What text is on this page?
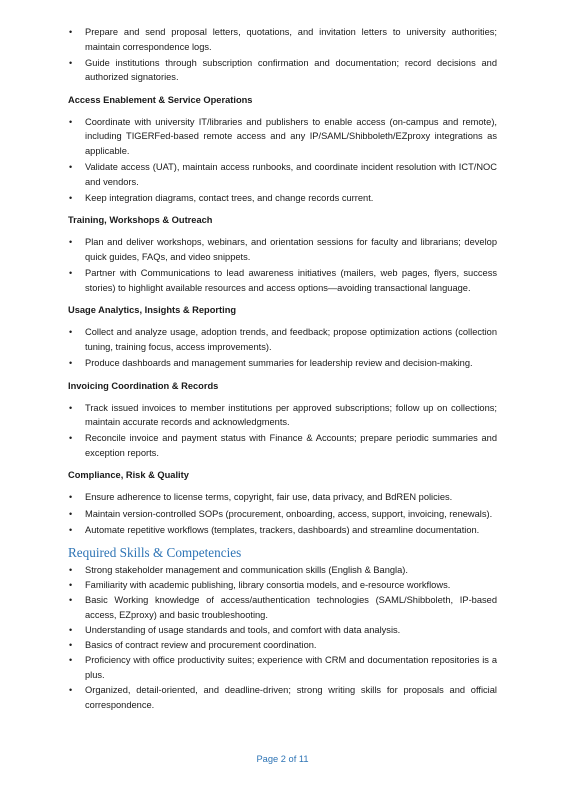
• Prepare and send proposal letters, quotations, and invitation letters to university authorities; maintain correspondence logs.
• Guide institutions through subscription confirmation and documentation; record decisions and authorized signatories.
Access Enablement & Service Operations
• Coordinate with university IT/libraries and publishers to enable access (on-campus and remote), including TIGERFed-based remote access and any IP/SAML/Shibboleth/EZproxy integrations as applicable.
• Validate access (UAT), maintain access runbooks, and coordinate incident resolution with ICT/NOC and vendors.
• Keep integration diagrams, contact trees, and change records current.
Training, Workshops & Outreach
• Plan and deliver workshops, webinars, and orientation sessions for faculty and librarians; develop quick guides, FAQs, and video snippets.
• Partner with Communications to lead awareness initiatives (mailers, web pages, flyers, success stories) to highlight available resources and access options—avoiding transactional language.
Usage Analytics, Insights & Reporting
• Collect and analyze usage, adoption trends, and feedback; propose optimization actions (collection tuning, training focus, access improvements).
• Produce dashboards and management summaries for leadership review and decision-making.
Invoicing Coordination & Records
• Track issued invoices to member institutions per approved subscriptions; follow up on collections; maintain accurate records and acknowledgments.
• Reconcile invoice and payment status with Finance & Accounts; prepare periodic summaries and exception reports.
Compliance, Risk & Quality
• Ensure adherence to license terms, copyright, fair use, data privacy, and BdREN policies.
• Maintain version-controlled SOPs (procurement, onboarding, access, support, invoicing, renewals).
• Automate repetitive workflows (templates, trackers, dashboards) and streamline documentation.
Required Skills & Competencies
• Strong stakeholder management and communication skills (English & Bangla).
• Familiarity with academic publishing, library consortia models, and e-resource workflows.
• Basic Working knowledge of access/authentication technologies (SAML/Shibboleth, IP-based access, EZproxy) and basic troubleshooting.
• Understanding of usage standards and tools, and comfort with data analysis.
• Basics of contract review and procurement coordination.
• Proficiency with office productivity suites; experience with CRM and documentation repositories is a plus.
• Organized, detail-oriented, and deadline-driven; strong writing skills for proposals and official correspondence.
Page 2 of 11
